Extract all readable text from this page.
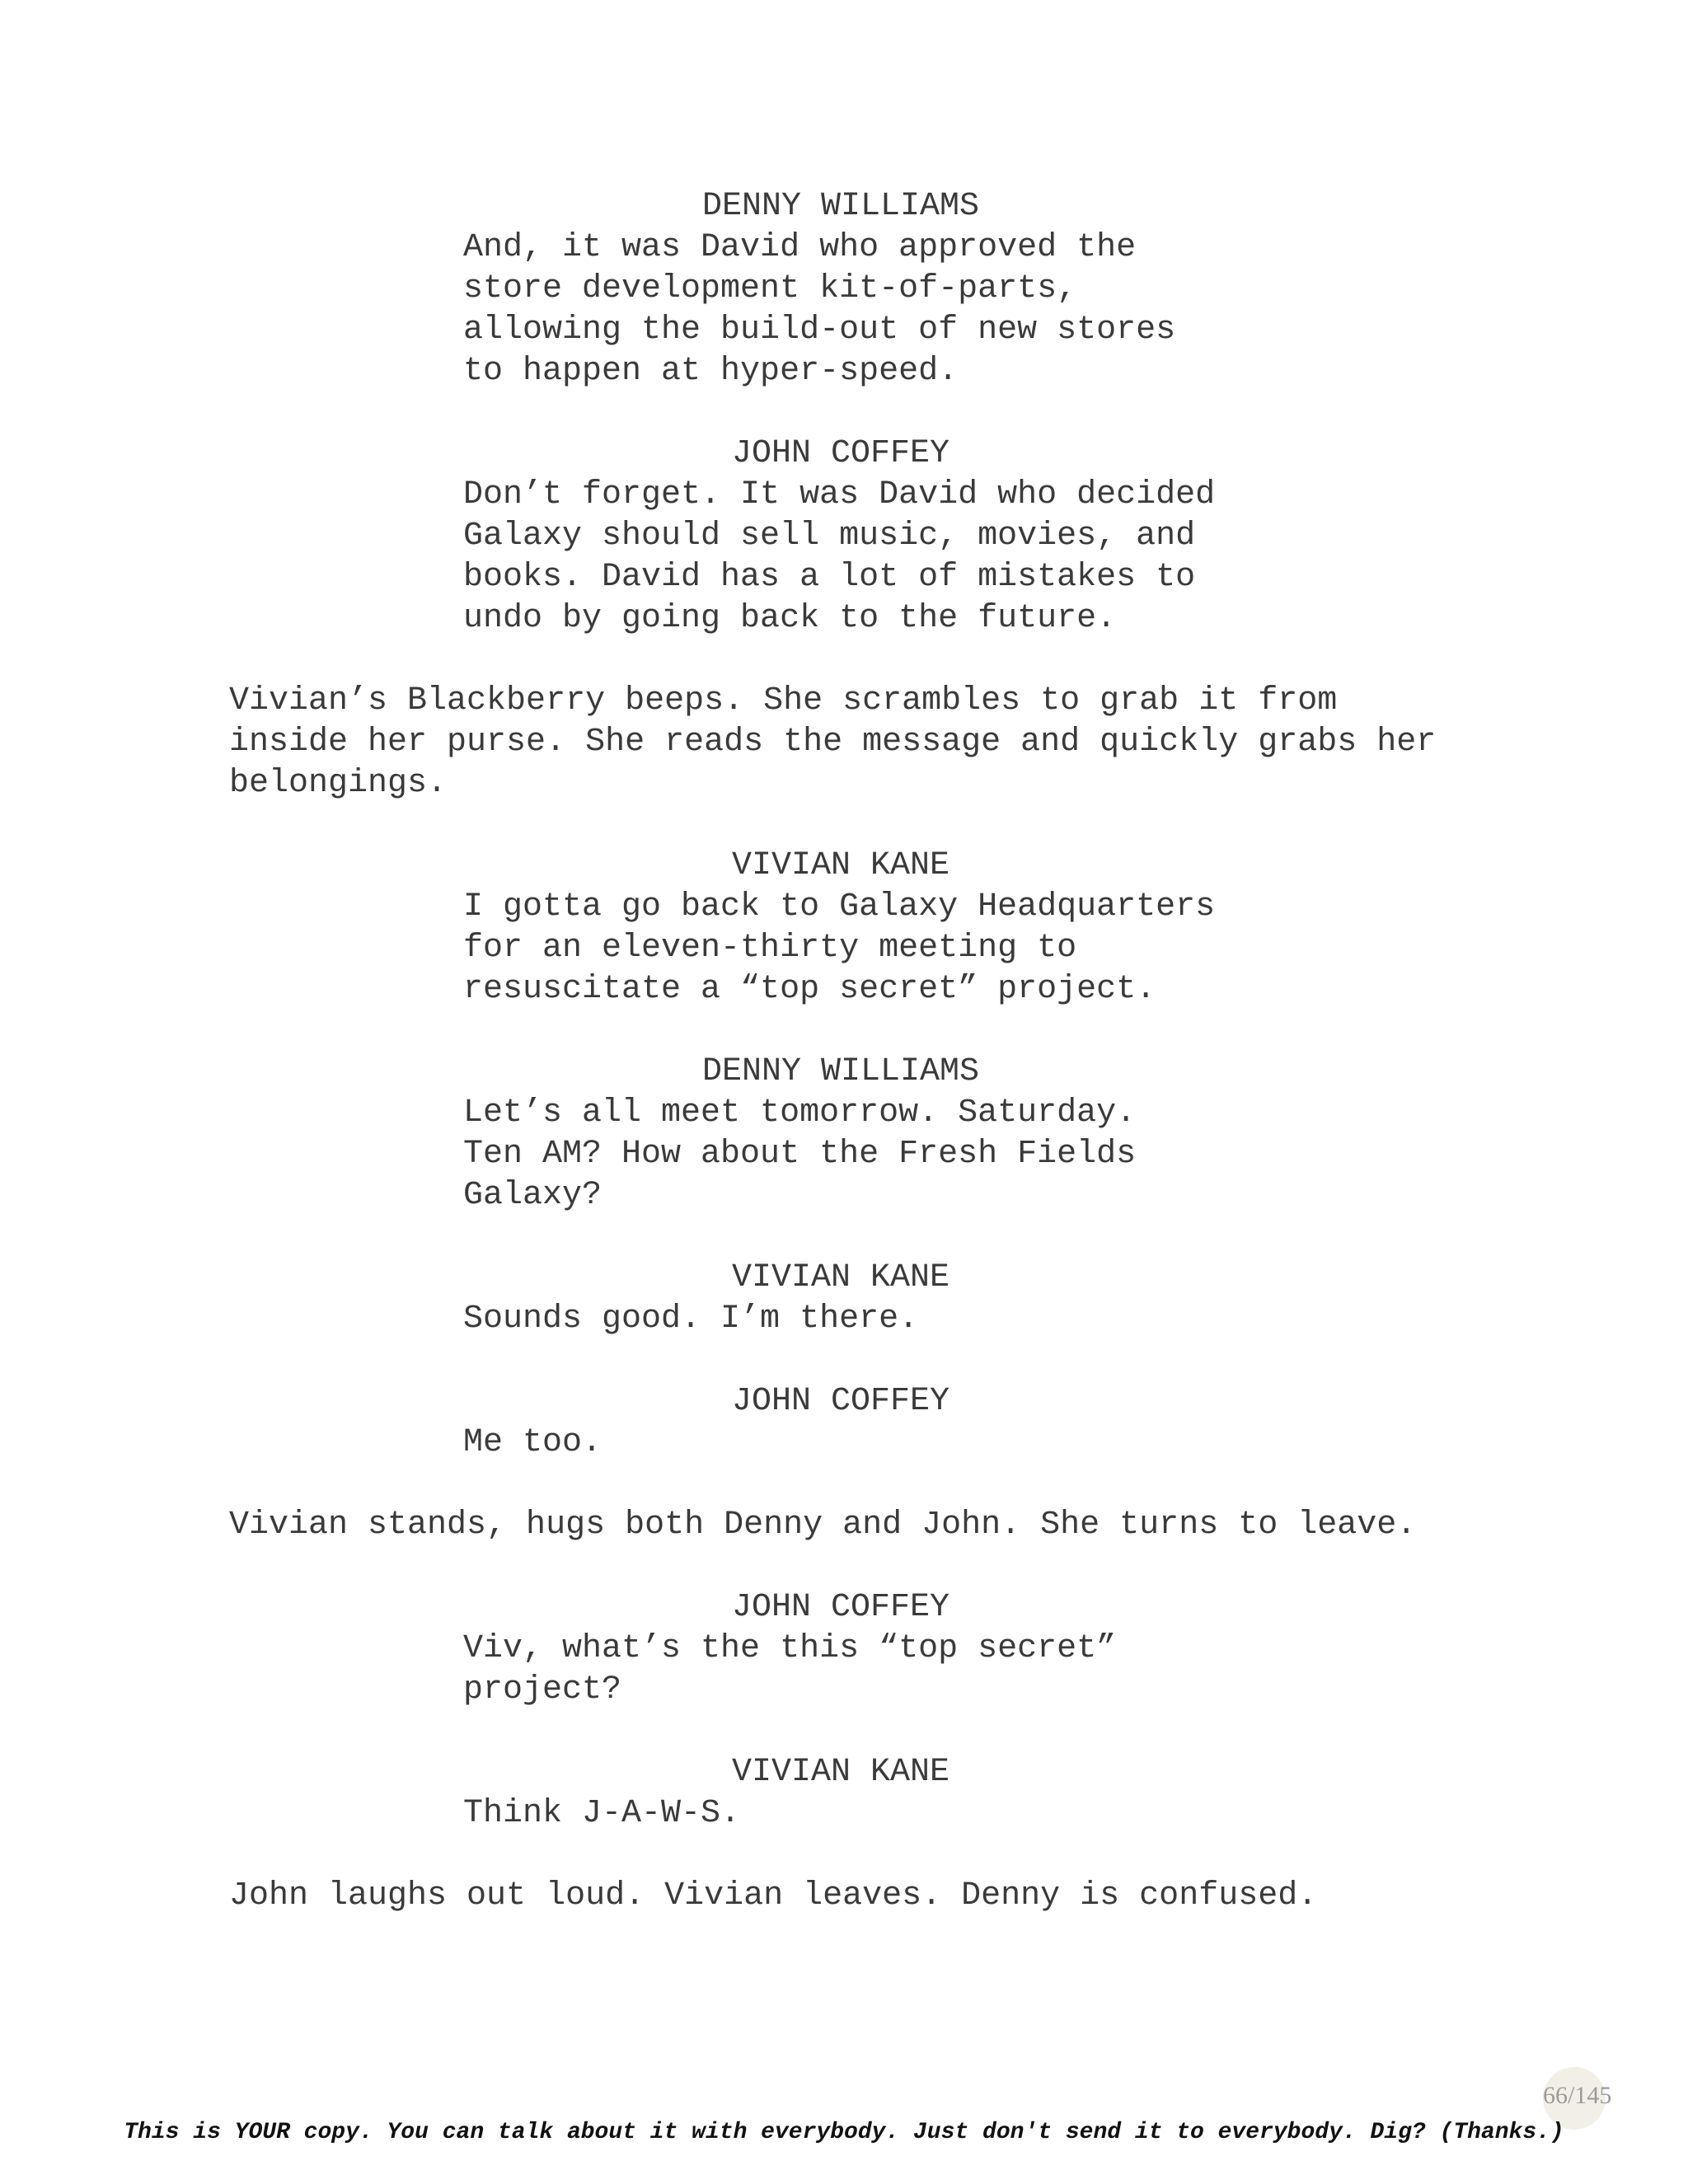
DENNY WILLIAMS
And, it was David who approved the
store development kit-of-parts,
allowing the build-out of new stores
to happen at hyper-speed.
JOHN COFFEY
Don’t forget. It was David who decided
Galaxy should sell music, movies, and
books. David has a lot of mistakes to
undo by going back to the future.
Vivian’s Blackberry beeps. She scrambles to grab it from
inside her purse. She reads the message and quickly grabs her
belongings.
VIVIAN KANE
I gotta go back to Galaxy Headquarters
for an eleven-thirty meeting to
resuscitate a “top secret” project.
DENNY WILLIAMS
Let’s all meet tomorrow. Saturday.
Ten AM? How about the Fresh Fields
Galaxy?
VIVIAN KANE
Sounds good. I’m there.
JOHN COFFEY
Me too.
Vivian stands, hugs both Denny and John. She turns to leave.
JOHN COFFEY
Viv, what’s the this “top secret”
project?
VIVIAN KANE
Think J-A-W-S.
John laughs out loud. Vivian leaves. Denny is confused.
66/145
This is YOUR copy. You can talk about it with everybody. Just don't send it to everybody. Dig? (Thanks.)
